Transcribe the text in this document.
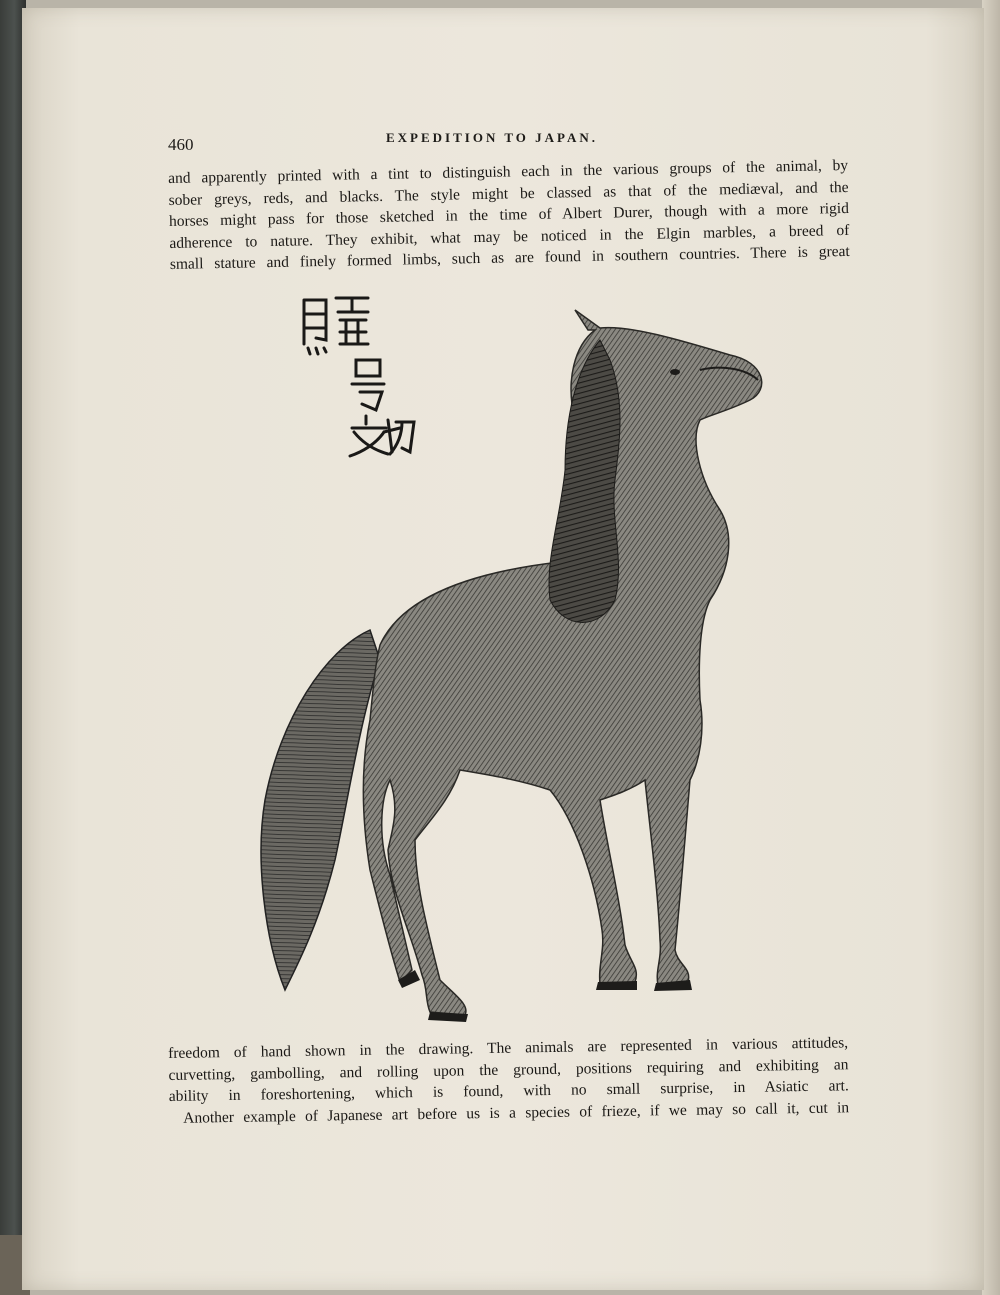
460	EXPEDITION TO JAPAN.
and apparently printed with a tint to distinguish each in the various groups of the animal, by
sober greys, reds, and blacks. The style might be classed as that of the mediæval, and the
horses might pass for those sketched in the time of Albert Durer, though with a more rigid
adherence to nature. They exhibit, what may be noticed in the Elgin marbles, a breed of
small stature and finely formed limbs, such as are found in southern countries. There is great
freedom of hand shown in the drawing. The animals are represented in various attitudes,
curvetting, gambolling, and rolling upon the ground, positions requiring and exhibiting an
ability in foreshortening, which is found, with no small surprise, in Asiatic art.
Another example of Japanese art before us is a species of frieze, if we may so call it, cut in
